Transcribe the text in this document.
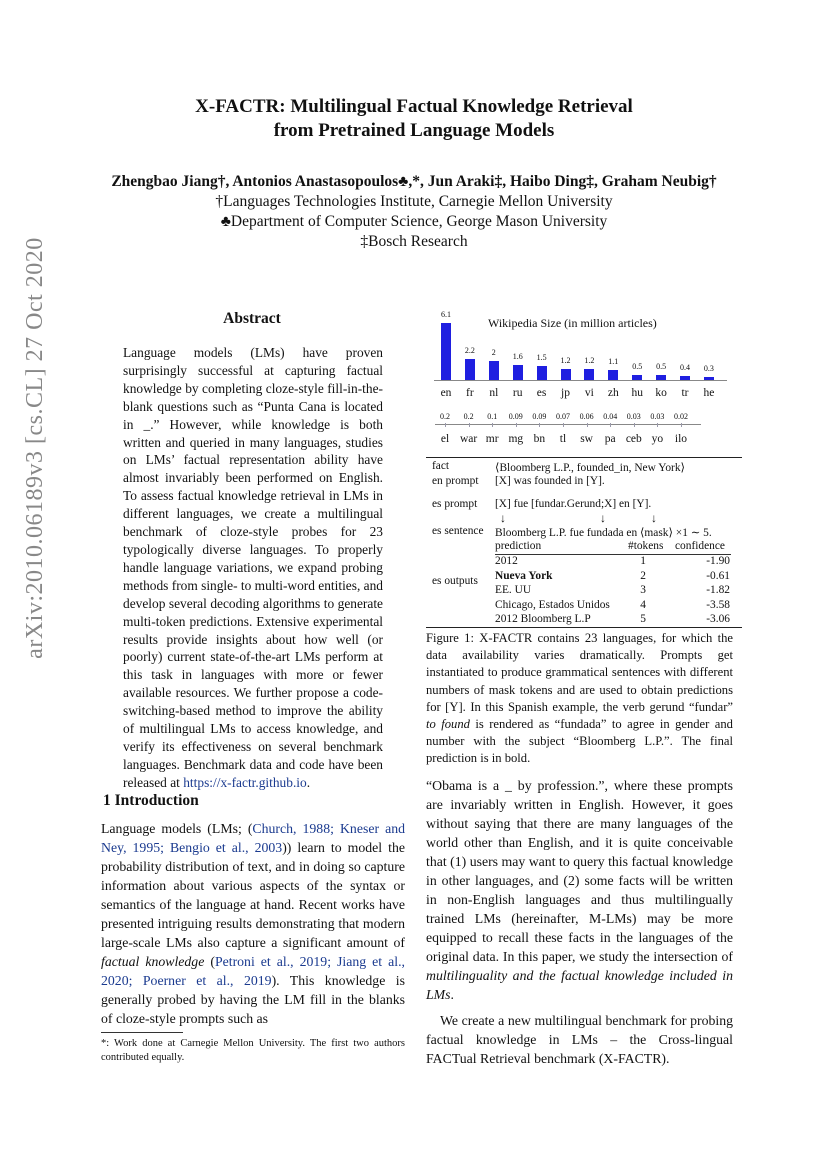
arXiv:2010.06189v3 [cs.CL] 27 Oct 2020
X-FACTR: Multilingual Factual Knowledge Retrieval
from Pretrained Language Models
Zhengbao Jiang†, Antonios Anastasopoulos♣,*, Jun Araki‡, Haibo Ding‡, Graham Neubig†
†Languages Technologies Institute, Carnegie Mellon University
♣Department of Computer Science, George Mason University
‡Bosch Research
Abstract
Language models (LMs) have proven surprisingly successful at capturing factual knowledge by completing cloze-style fill-in-the-blank questions such as “Punta Cana is located in _.” However, while knowledge is both written and queried in many languages, studies on LMs’ factual representation ability have almost invariably been performed on English. To assess factual knowledge retrieval in LMs in different languages, we create a multilingual benchmark of cloze-style probes for 23 typologically diverse languages. To properly handle language variations, we expand probing methods from single- to multi-word entities, and develop several decoding algorithms to generate multi-token predictions. Extensive experimental results provide insights about how well (or poorly) current state-of-the-art LMs perform at this task in languages with more or fewer available resources. We further propose a code-switching-based method to improve the ability of multilingual LMs to access knowledge, and verify its effectiveness on several benchmark languages. Benchmark data and code have been released at https://x-factr.github.io.
1 Introduction
Language models (LMs; (Church, 1988; Kneser and Ney, 1995; Bengio et al., 2003)) learn to model the probability distribution of text, and in doing so capture information about various aspects of the syntax or semantics of the language at hand. Recent works have presented intriguing results demonstrating that modern large-scale LMs also capture a significant amount of factual knowledge (Petroni et al., 2019; Jiang et al., 2020; Poerner et al., 2019). This knowledge is generally probed by having the LM fill in the blanks of cloze-style prompts such as
*: Work done at Carnegie Mellon University. The first two authors contributed equally.
Wikipedia Size (in million articles)
6.1
en
2.2
fr
2
nl
1.6
ru
1.5
es
1.2
jp
1.2
vi
1.1
zh
0.5
hu
0.5
ko
0.4
tr
0.3
he
0.2
el
0.2
war
0.1
mr
0.09
mg
0.09
bn
0.07
tl
0.06
sw
0.04
pa
0.03
ceb
0.03
yo
0.02
ilo
fact	⟨Bloomberg L.P., founded_in, New York⟩
en prompt [X] was founded in [Y].
es prompt [X] fue [fundar.Gerund;X] en [Y].
↓	↓	↓
es sentence Bloomberg L.P. fue fundada en ⟨mask⟩ ×1 ∼ 5.
es outputs
prediction	#tokens confidence
2012	1	-1.90
Nueva York	2	-0.61
EE. UU	3	-1.82
Chicago, Estados Unidos	4	-3.58
2012 Bloomberg L.P	5	-3.06
Figure 1: X-FACTR contains 23 languages, for which the data availability varies dramatically. Prompts get instantiated to produce grammatical sentences with different numbers of mask tokens and are used to obtain predictions for [Y]. In this Spanish example, the verb gerund “fundar” to found is rendered as “fundada” to agree in gender and number with the subject “Bloomberg L.P.”. The final prediction is in bold.
“Obama is a _ by profession.”, where these prompts are invariably written in English. However, it goes without saying that there are many languages of the world other than English, and it is quite conceivable that (1) users may want to query this factual knowledge in other languages, and (2) some facts will be written in non-English languages and thus multilingually trained LMs (hereinafter, M-LMs) may be more equipped to recall these facts in the languages of the original data. In this paper, we study the intersection of multilinguality and the factual knowledge included in LMs.
We create a new multilingual benchmark for probing factual knowledge in LMs – the Cross-lingual FACTual Retrieval benchmark (X-FACTR).
